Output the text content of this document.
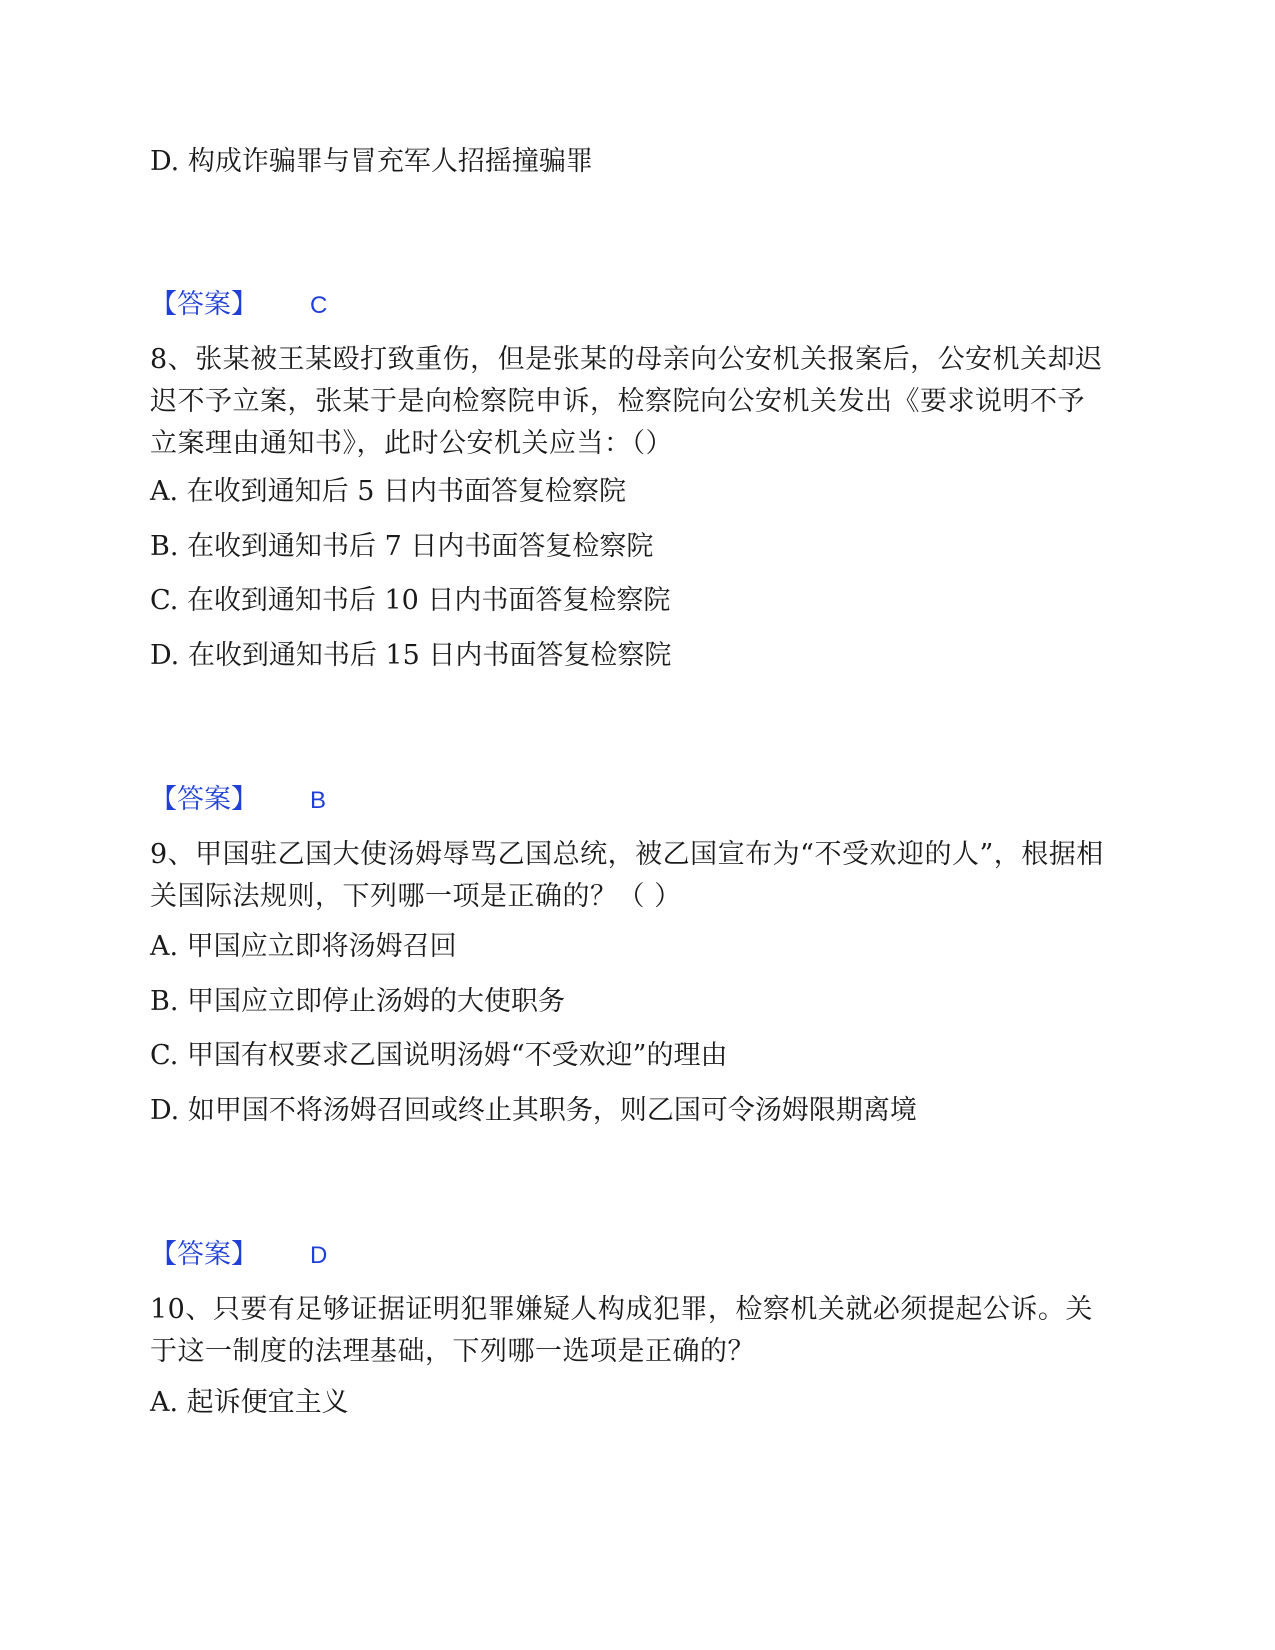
D. 构成诈骗罪与冒充军人招摇撞骗罪
【答案】 C
8、张某被王某殴打致重伤，但是张某的母亲向公安机关报案后，公安机关却迟迟不予立案，张某于是向检察院申诉，检察院向公安机关发出《要求说明不予立案理由通知书》，此时公安机关应当：（）
A. 在收到通知后 5 日内书面答复检察院
B. 在收到通知书后 7 日内书面答复检察院
C. 在收到通知书后 10 日内书面答复检察院
D. 在收到通知书后 15 日内书面答复检察院
【答案】 B
9、甲国驻乙国大使汤姆辱骂乙国总统，被乙国宣布为“不受欢迎的人”，根据相关国际法规则，下列哪一项是正确的？（ ）
A. 甲国应立即将汤姆召回
B. 甲国应立即停止汤姆的大使职务
C. 甲国有权要求乙国说明汤姆“不受欢迎”的理由
D. 如甲国不将汤姆召回或终止其职务，则乙国可令汤姆限期离境
【答案】 D
10、只要有足够证据证明犯罪嫌疑人构成犯罪，检察机关就必须提起公诉。关于这一制度的法理基础，下列哪一选项是正确的？
A. 起诉便宜主义
